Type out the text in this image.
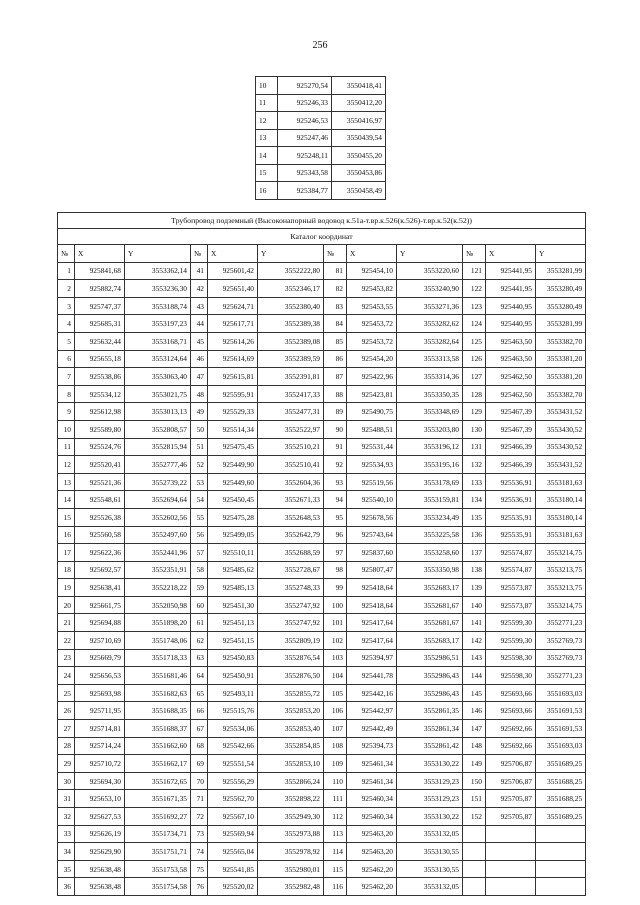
256
10	925270,54	3550418,41
11	925246,33	3550412,20
12	925246,53	3550416,97
13	925247,46	3550439,54
14	925248,11	3550455,20
15	925343,58	3550453,86
16	925384,77	3550458,49
Трубопровод подземный (Высоконапорный водовод к.51а-т.вр.к.526(к.526)-т.вр.к.52(к.52))											
Каталог координат											
№	X	Y	№	X	Y	№	X	Y	№	X	Y
1	925841,68	3553362,14	41	925601,42	3552222,80	81	925454,10	3553220,60	121	925441,95	3553281,99
2	925882,74	3553236,30	42	925651,40	3552346,17	82	925453,82	3553240,90	122	925441,95	3553280,49
3	925747,37	3553188,74	43	925624,71	3552380,40	83	925453,55	3553271,36	123	925440,95	3553280,49
4	925685,31	3553197,23	44	925617,71	3552389,38	84	925453,72	3553282,62	124	925440,95	3553281,99
5	925632,44	3553168,71	45	925614,26	3552389,08	85	925453,72	3553282,64	125	925463,50	3553382,70
6	925655,18	3553124,64	46	925614,69	3552389,59	86	925454,20	3553313,58	126	925463,50	3553381,20
7	925538,86	3553063,40	47	925615,81	3552391,81	87	925422,96	3553314,36	127	925462,50	3553381,20
8	925534,12	3553021,75	48	925595,91	3552417,33	88	925423,81	3553350,35	128	925462,50	3553382,70
9	925612,98	3553013,13	49	925529,33	3552477,31	89	925490,75	3553348,69	129	925467,39	3553431,52
10	925589,80	3552808,57	50	925514,34	3552522,97	90	925488,51	3553203,80	130	925467,39	3553430,52
11	925524,76	3552815,94	51	925475,45	3552510,21	91	925531,44	3553196,12	131	925466,39	3553430,52
12	925520,41	3552777,46	52	925449,90	3552510,41	92	925534,93	3553195,16	132	925466,39	3553431,52
13	925521,36	3552739,22	53	925449,60	3552604,36	93	925519,56	3553178,69	133	925536,91	3553181,63
14	925548,61	3552694,64	54	925450,45	3552671,33	94	925540,10	3553159,81	134	925536,91	3553180,14
15	925526,38	3552602,56	55	925475,28	3552648,53	95	925678,56	3553234,49	135	925535,91	3553180,14
16	925560,58	3552497,60	56	925499,05	3552642,79	96	925743,64	3553225,58	136	925535,91	3553181,63
17	925622,36	3552441,96	57	925510,11	3552688,59	97	925837,60	3553258,60	137	925574,87	3553214,75
18	925692,57	3552351,91	58	925485,62	3552728,67	98	925807,47	3553350,98	138	925574,87	3553213,75
19	925638,41	3552218,22	59	925485,13	3552748,33	99	925418,64	3552683,17	139	925573,87	3553213,75
20	925661,75	3552050,98	60	925451,30	3552747,92	100	925418,64	3552681,67	140	925573,87	3553214,75
21	925694,88	3551898,20	61	925451,13	3552747,92	101	925417,64	3552681,67	141	925599,30	3552771,23
22	925710,69	3551748,06	62	925451,15	3552809,19	102	925417,64	3552683,17	142	925599,30	3552769,73
23	925669,79	3551718,33	63	925450,83	3552876,54	103	925394,97	3552986,51	143	925598,30	3552769,73
24	925656,53	3551681,46	64	925450,91	3552876,50	104	925441,78	3552986,43	144	925598,30	3552771,23
25	925693,98	3551682,63	65	925493,11	3552855,72	105	925442,16	3552986,43	145	925693,66	3551693,03
26	925711,95	3551688,35	66	925515,76	3552853,20	106	925442,97	3552861,35	146	925693,66	3551691,53
27	925714,81	3551688,37	67	925534,06	3552853,40	107	925442,49	3552861,34	147	925692,66	3551691,53
28	925714,24	3551662,60	68	925542,66	3552854,85	108	925394,73	3552861,42	148	925692,66	3551693,03
29	925710,72	3551662,17	69	925551,54	3552853,10	109	925461,34	3553130,22	149	925706,87	3551689,25
30	925694,30	3551672,65	70	925556,29	3552866,24	110	925461,34	3553129,23	150	925706,87	3551688,25
31	925653,10	3551671,35	71	925562,70	3552898,22	111	925460,34	3553129,23	151	925705,87	3551688,25
32	925627,53	3551692,27	72	925567,10	3552949,30	112	925460,34	3553130,22	152	925705,87	3551689,25
33	925626,19	3551734,71	73	925569,94	3552973,88	113	925463,20	3553132,05			
34	925629,90	3551751,71	74	925565,04	3552978,92	114	925463,20	3553130,55			
35	925638,48	3551753,58	75	925541,85	3552980,01	115	925462,20	3553130,55			
36	925638,48	3551754,58	76	925520,02	3552982,48	116	925462,20	3553132,05			
